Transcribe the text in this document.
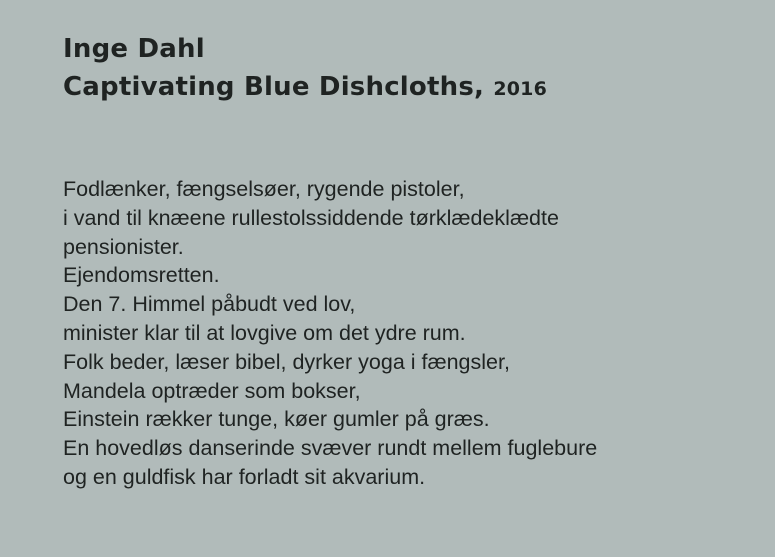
Inge Dahl
Captivating Blue Dishcloths, 2016
Fodlænker, fængselsøer, rygende pistoler,
i vand til knæene rullestolssiddende tørklædeklædte
pensionister.
Ejendomsretten.
Den 7. Himmel påbudt ved lov,
minister klar til at lovgive om det ydre rum.
Folk beder, læser bibel, dyrker yoga i fængsler,
Mandela optræder som bokser,
Einstein rækker tunge, køer gumler på græs.
En hovedløs danserinde svæver rundt mellem fuglebure
og en guldfisk har forladt sit akvarium.
